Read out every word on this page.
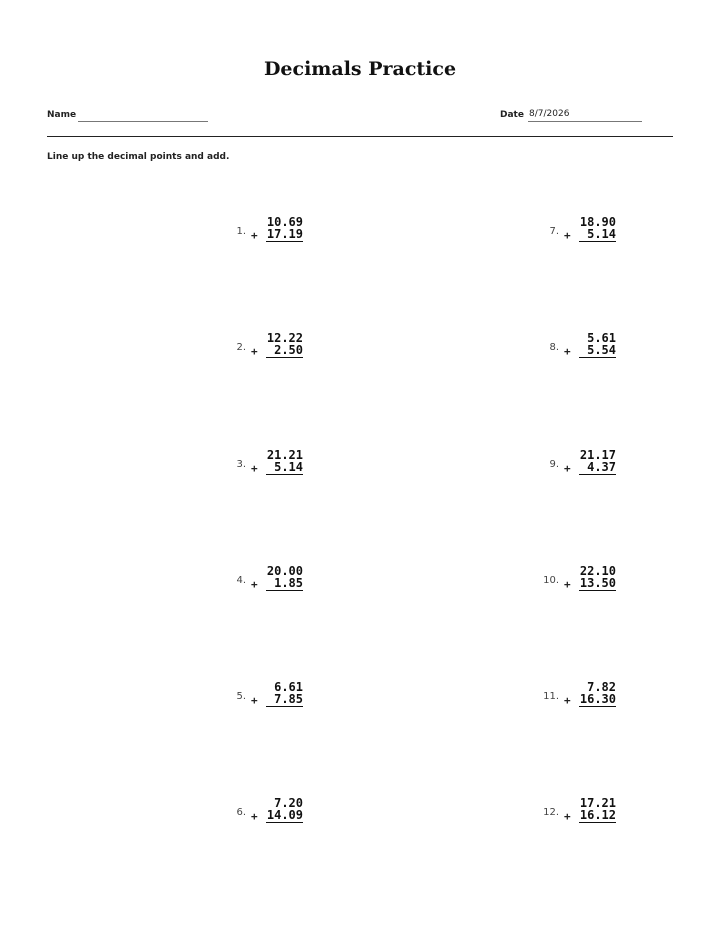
Decimals Practice
Name	Date 8/7/2026
Line up the decimal points and add.
1. +
10.69
17.19
2. +
12.22
2.50
3. +
21.21
5.14
4. +
20.00
1.85
5. +
6.61
7.85
6. +
7.20
14.09
7. +
18.90
5.14
8. +
5.61
5.54
9. +
21.17
4.37
10. +
22.10
13.50
11. +
7.82
16.30
12. +
17.21
16.12
